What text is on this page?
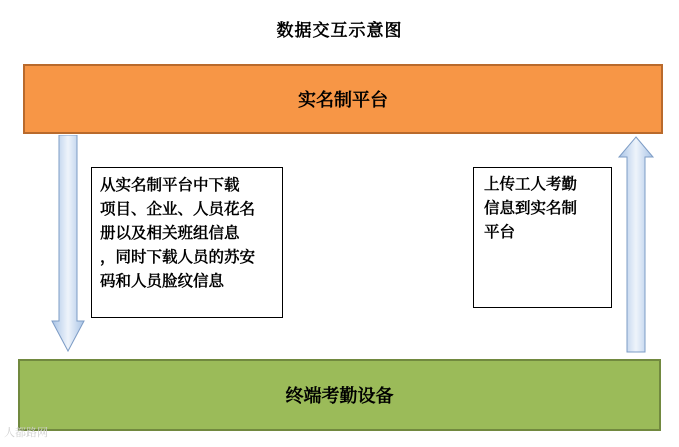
数据交互示意图
实名制平台
从实名制平台中下载
项目、企业、人员花名
册以及相关班组信息
，同时下载人员的苏安
码和人员脸纹信息
上传工人考勤
信息到实名制
平台
终端考勤设备
人都路网
